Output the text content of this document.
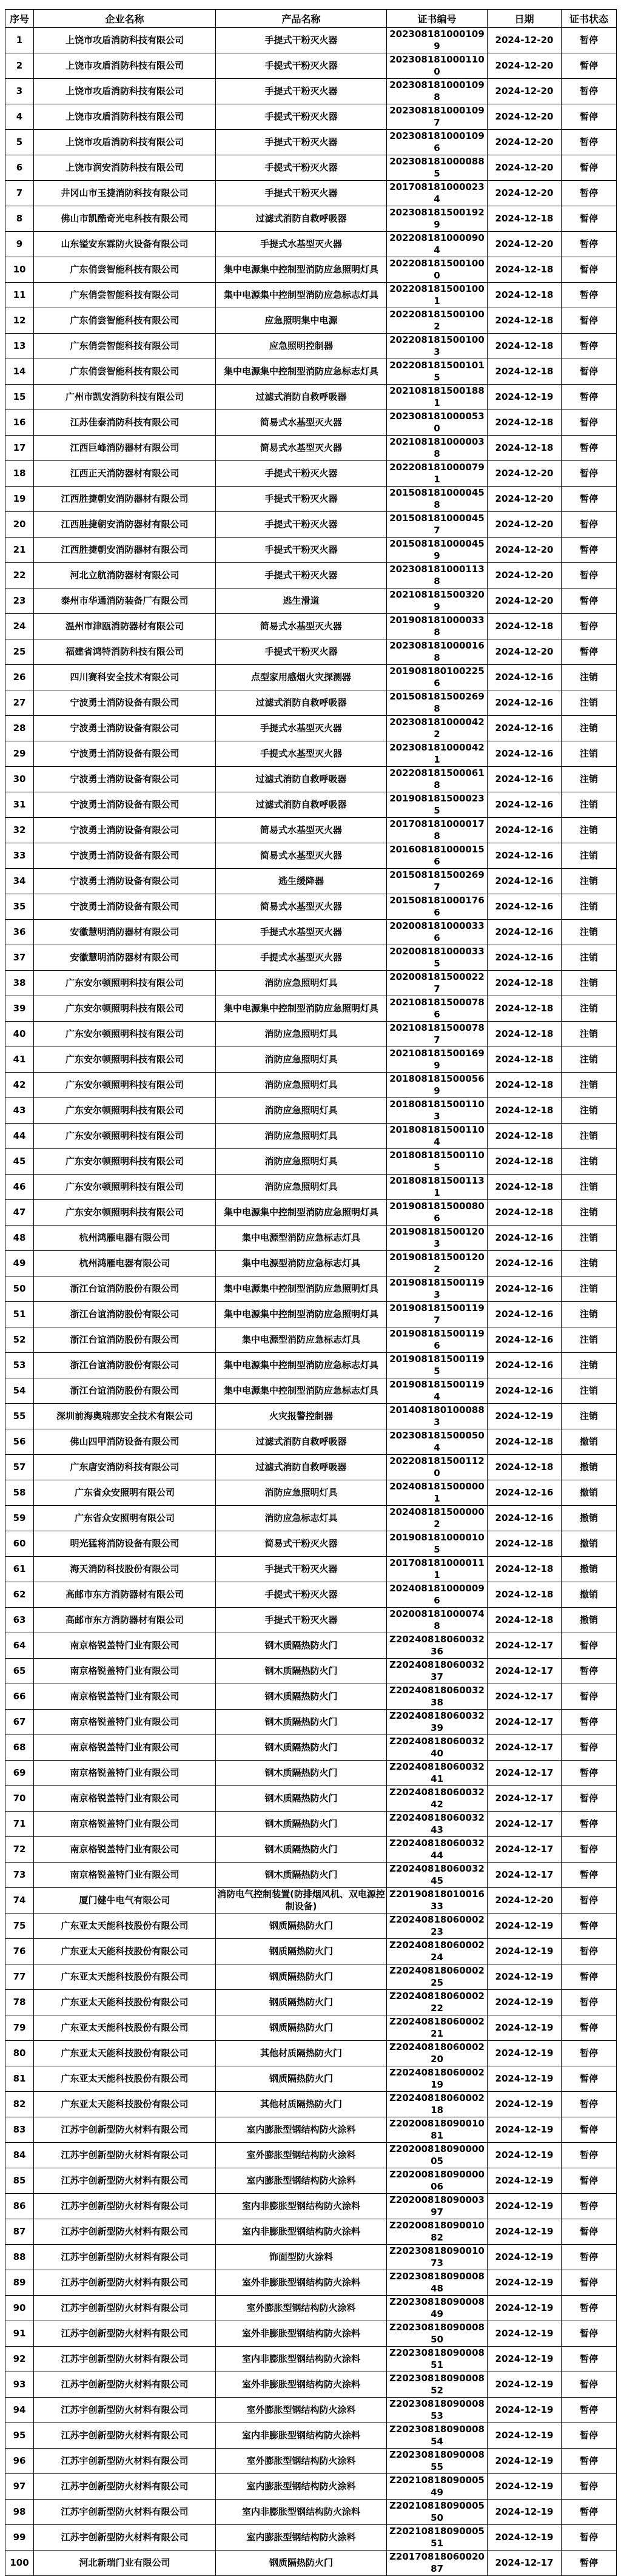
序号	企业名称	产品名称	证书编号	日期	证书状态
1	上饶市攻盾消防科技有限公司	手提式干粉灭火器	2023081810001099	2024-12-20	暂停
2	上饶市攻盾消防科技有限公司	手提式干粉灭火器	2023081810001100	2024-12-20	暂停
3	上饶市攻盾消防科技有限公司	手提式干粉灭火器	2023081810001098	2024-12-20	暂停
4	上饶市攻盾消防科技有限公司	手提式干粉灭火器	2023081810001097	2024-12-20	暂停
5	上饶市攻盾消防科技有限公司	手提式干粉灭火器	2023081810001096	2024-12-20	暂停
6	上饶市润安消防科技有限公司	手提式干粉灭火器	2023081810000885	2024-12-20	暂停
7	井冈山市玉捷消防科技有限公司	手提式干粉灭火器	2017081810000234	2024-12-20	暂停
8	佛山市凯酷奇光电科技有限公司	过滤式消防自救呼吸器	2023081815001929	2024-12-18	暂停
9	山东镒安东霖防火设备有限公司	手提式水基型灭火器	2022081810000904	2024-12-20	暂停
10	广东俏尝智能科技有限公司	集中电源集中控制型消防应急照明灯具	2022081815001000	2024-12-18	暂停
11	广东俏尝智能科技有限公司	集中电源集中控制型消防应急标志灯具	2022081815001001	2024-12-18	暂停
12	广东俏尝智能科技有限公司	应急照明集中电源	2022081815001002	2024-12-18	暂停
13	广东俏尝智能科技有限公司	应急照明控制器	2022081815001003	2024-12-18	暂停
14	广东俏尝智能科技有限公司	集中电源集中控制型消防应急标志灯具	2022081815001015	2024-12-18	暂停
15	广州市凯安消防科技有限公司	过滤式消防自救呼吸器	2021081815001881	2024-12-19	暂停
16	江苏佳泰消防科技有限公司	简易式水基型灭火器	2023081810000530	2024-12-18	暂停
17	江西巨峰消防器材有限公司	简易式水基型灭火器	2021081810000038	2024-12-18	暂停
18	江西正天消防器材有限公司	手提式干粉灭火器	2022081810000791	2024-12-20	暂停
19	江西胜捷朝安消防器材有限公司	手提式干粉灭火器	2015081810000458	2024-12-20	暂停
20	江西胜捷朝安消防器材有限公司	手提式干粉灭火器	2015081810000457	2024-12-20	暂停
21	江西胜捷朝安消防器材有限公司	手提式干粉灭火器	2015081810000459	2024-12-20	暂停
22	河北立航消防器材有限公司	手提式干粉灭火器	2023081810001138	2024-12-20	暂停
23	泰州市华通消防装备厂有限公司	逃生滑道	2021081815003209	2024-12-20	暂停
24	温州市津瓯消防器材有限公司	简易式水基型灭火器	2019081810000338	2024-12-18	暂停
25	福建省鸿特消防科技有限公司	手提式干粉灭火器	2023081810000168	2024-12-20	暂停
26	四川赛科安全技术有限公司	点型家用感烟火灾探测器	2019081801002256	2024-12-16	注销
27	宁波勇士消防设备有限公司	过滤式消防自救呼吸器	2015081815002698	2024-12-16	注销
28	宁波勇士消防设备有限公司	手提式水基型灭火器	2023081810000422	2024-12-16	注销
29	宁波勇士消防设备有限公司	手提式水基型灭火器	2023081810000421	2024-12-16	注销
30	宁波勇士消防设备有限公司	过滤式消防自救呼吸器	2022081815000618	2024-12-16	注销
31	宁波勇士消防设备有限公司	过滤式消防自救呼吸器	2019081815000235	2024-12-16	注销
32	宁波勇士消防设备有限公司	简易式水基型灭火器	2017081810000178	2024-12-16	注销
33	宁波勇士消防设备有限公司	简易式水基型灭火器	2016081810000156	2024-12-16	注销
34	宁波勇士消防设备有限公司	逃生缓降器	2015081815002697	2024-12-16	注销
35	宁波勇士消防设备有限公司	简易式水基型灭火器	2015081810001766	2024-12-16	注销
36	安徽慧明消防器材有限公司	手提式水基型灭火器	2020081810000336	2024-12-16	注销
37	安徽慧明消防器材有限公司	手提式水基型灭火器	2020081810000335	2024-12-16	注销
38	广东安尔顿照明科技有限公司	消防应急照明灯具	2020081815000227	2024-12-18	注销
39	广东安尔顿照明科技有限公司	集中电源集中控制型消防应急照明灯具	2021081815000786	2024-12-18	注销
40	广东安尔顿照明科技有限公司	消防应急照明灯具	2021081815000787	2024-12-18	注销
41	广东安尔顿照明科技有限公司	消防应急照明灯具	2021081815001699	2024-12-18	注销
42	广东安尔顿照明科技有限公司	消防应急照明灯具	2018081815000569	2024-12-18	注销
43	广东安尔顿照明科技有限公司	消防应急照明灯具	2018081815001103	2024-12-18	注销
44	广东安尔顿照明科技有限公司	消防应急照明灯具	2018081815001104	2024-12-18	注销
45	广东安尔顿照明科技有限公司	消防应急照明灯具	2018081815001105	2024-12-18	注销
46	广东安尔顿照明科技有限公司	消防应急照明灯具	2018081815001131	2024-12-18	注销
47	广东安尔顿照明科技有限公司	集中电源集中控制型消防应急照明灯具	2019081815000806	2024-12-18	注销
48	杭州鸿雁电器有限公司	集中电源型消防应急标志灯具	2019081815001203	2024-12-16	注销
49	杭州鸿雁电器有限公司	集中电源型消防应急标志灯具	2019081815001202	2024-12-16	注销
50	浙江台谊消防股份有限公司	集中电源集中控制型消防应急照明灯具	2019081815001193	2024-12-16	注销
51	浙江台谊消防股份有限公司	集中电源集中控制型消防应急照明灯具	2019081815001197	2024-12-16	注销
52	浙江台谊消防股份有限公司	集中电源型消防应急标志灯具	2019081815001196	2024-12-16	注销
53	浙江台谊消防股份有限公司	集中电源集中控制型消防应急标志灯具	2019081815001195	2024-12-16	注销
54	浙江台谊消防股份有限公司	集中电源集中控制型消防应急标志灯具	2019081815001194	2024-12-16	注销
55	深圳前海奥瑞那安全技术有限公司	火灾报警控制器	2014081801000883	2024-12-19	注销
56	佛山四甲消防设备有限公司	过滤式消防自救呼吸器	2023081815000504	2024-12-18	撤销
57	广东唐安消防科技有限公司	过滤式消防自救呼吸器	2022081815001120	2024-12-18	撤销
58	广东省众安照明有限公司	消防应急照明灯具	2024081815000001	2024-12-16	撤销
59	广东省众安照明有限公司	消防应急标志灯具	2024081815000002	2024-12-16	撤销
60	明光猛将消防设备有限公司	简易式干粉灭火器	2019081810000105	2024-12-18	撤销
61	海天消防科技股份有限公司	手提式干粉灭火器	2017081810000111	2024-12-18	撤销
62	高邮市东方消防器材有限公司	手提式干粉灭火器	2024081810000096	2024-12-18	撤销
63	高邮市东方消防器材有限公司	手提式干粉灭火器	2020081810000748	2024-12-18	撤销
64	南京格锐盖特门业有限公司	钢木质隔热防火门	Z2024081806003236	2024-12-17	暂停
65	南京格锐盖特门业有限公司	钢木质隔热防火门	Z2024081806003237	2024-12-17	暂停
66	南京格锐盖特门业有限公司	钢木质隔热防火门	Z2024081806003238	2024-12-17	暂停
67	南京格锐盖特门业有限公司	钢木质隔热防火门	Z2024081806003239	2024-12-17	暂停
68	南京格锐盖特门业有限公司	钢木质隔热防火门	Z2024081806003240	2024-12-17	暂停
69	南京格锐盖特门业有限公司	钢木质隔热防火门	Z2024081806003241	2024-12-17	暂停
70	南京格锐盖特门业有限公司	钢木质隔热防火门	Z2024081806003242	2024-12-17	暂停
71	南京格锐盖特门业有限公司	钢木质隔热防火门	Z2024081806003243	2024-12-17	暂停
72	南京格锐盖特门业有限公司	钢木质隔热防火门	Z2024081806003244	2024-12-17	暂停
73	南京格锐盖特门业有限公司	钢木质隔热防火门	Z2024081806003245	2024-12-17	暂停
74	厦门健牛电气有限公司	消防电气控制装置(防排烟风机、双电源控制设备)	Z2019081801001633	2024-12-20	暂停
75	广东亚太天能科技股份有限公司	钢质隔热防火门	Z2024081806000223	2024-12-19	暂停
76	广东亚太天能科技股份有限公司	钢质隔热防火门	Z2024081806000224	2024-12-19	暂停
77	广东亚太天能科技股份有限公司	钢质隔热防火门	Z2024081806000225	2024-12-19	暂停
78	广东亚太天能科技股份有限公司	钢质隔热防火门	Z2024081806000222	2024-12-19	暂停
79	广东亚太天能科技股份有限公司	钢质隔热防火门	Z2024081806000221	2024-12-19	暂停
80	广东亚太天能科技股份有限公司	其他材质隔热防火门	Z2024081806000220	2024-12-19	暂停
81	广东亚太天能科技股份有限公司	钢质隔热防火门	Z2024081806000219	2024-12-19	暂停
82	广东亚太天能科技股份有限公司	其他材质隔热防火门	Z2024081806000218	2024-12-19	暂停
83	江苏宇创新型防火材料有限公司	室内膨胀型钢结构防火涂料	Z2020081809001081	2024-12-19	暂停
84	江苏宇创新型防火材料有限公司	室外膨胀型钢结构防火涂料	Z2020081809000005	2024-12-19	暂停
85	江苏宇创新型防火材料有限公司	室内膨胀型钢结构防火涂料	Z2020081809000006	2024-12-19	暂停
86	江苏宇创新型防火材料有限公司	室内非膨胀型钢结构防火涂料	Z2020081809000397	2024-12-19	暂停
87	江苏宇创新型防火材料有限公司	室内非膨胀型钢结构防火涂料	Z2020081809001082	2024-12-19	暂停
88	江苏宇创新型防火材料有限公司	饰面型防火涂料	Z2023081809001073	2024-12-19	暂停
89	江苏宇创新型防火材料有限公司	室外非膨胀型钢结构防火涂料	Z2023081809000848	2024-12-19	暂停
90	江苏宇创新型防火材料有限公司	室外膨胀型钢结构防火涂料	Z2023081809000849	2024-12-19	暂停
91	江苏宇创新型防火材料有限公司	室外非膨胀型钢结构防火涂料	Z2023081809000850	2024-12-19	暂停
92	江苏宇创新型防火材料有限公司	室内非膨胀型钢结构防火涂料	Z2023081809000851	2024-12-19	暂停
93	江苏宇创新型防火材料有限公司	室外非膨胀型钢结构防火涂料	Z2023081809000852	2024-12-19	暂停
94	江苏宇创新型防火材料有限公司	室外膨胀型钢结构防火涂料	Z2023081809000853	2024-12-19	暂停
95	江苏宇创新型防火材料有限公司	室内非膨胀型钢结构防火涂料	Z2023081809000854	2024-12-19	暂停
96	江苏宇创新型防火材料有限公司	室外膨胀型钢结构防火涂料	Z2023081809000855	2024-12-19	暂停
97	江苏宇创新型防火材料有限公司	室内膨胀型钢结构防火涂料	Z2021081809000549	2024-12-19	暂停
98	江苏宇创新型防火材料有限公司	室内非膨胀型钢结构防火涂料	Z2021081809000550	2024-12-19	暂停
99	江苏宇创新型防火材料有限公司	室内膨胀型钢结构防火涂料	Z2021081809000551	2024-12-19	暂停
100	河北新瑞门业有限公司	钢质隔热防火门	Z2017081806002087	2024-12-17	暂停
